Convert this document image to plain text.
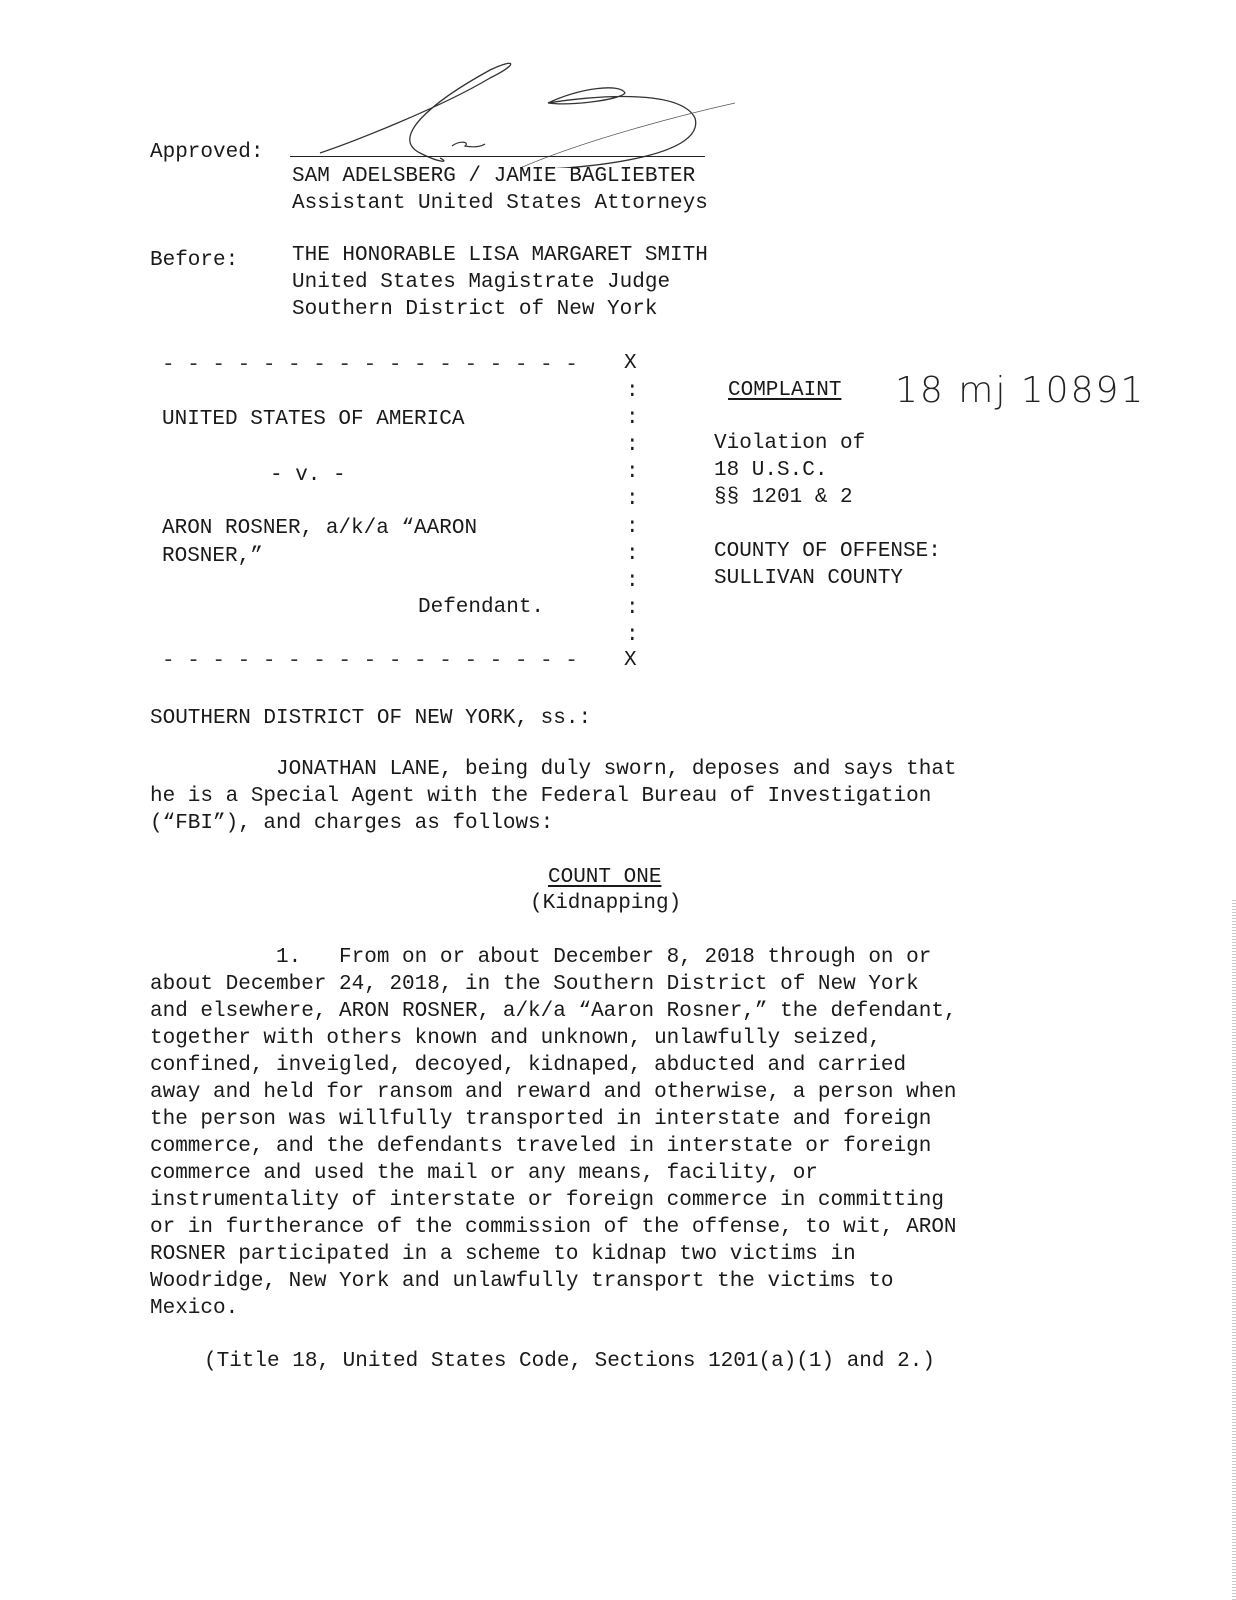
Approved:
SAM ADELSBERG / JAMIE BAGLIEBTER
Assistant United States Attorneys
Before:	THE HONORABLE LISA MARGARET SMITH
United States Magistrate Judge
Southern District of New York
- - - - - - - - - - - - - - - - - X
:
:
:
:
:
:
:
:
:
:
UNITED STATES OF AMERICA
- v. -
ARON ROSNER, a/k/a “AARON
ROSNER,”
Defendant.
- - - - - - - - - - - - - - - - - X
COMPLAINT 18 mj 10891
Violation of
18 U.S.C.
§§ 1201 & 2
COUNTY OF OFFENSE:
SULLIVAN COUNTY
SOUTHERN DISTRICT OF NEW YORK, ss.:
JONATHAN LANE, being duly sworn, deposes and says that
he is a Special Agent with the Federal Bureau of Investigation
(“FBI”), and charges as follows:
COUNT ONE
(Kidnapping)
1.   From on or about December 8, 2018 through on or
about December 24, 2018, in the Southern District of New York
and elsewhere, ARON ROSNER, a/k/a “Aaron Rosner,” the defendant,
together with others known and unknown, unlawfully seized,
confined, inveigled, decoyed, kidnaped, abducted and carried
away and held for ransom and reward and otherwise, a person when
the person was willfully transported in interstate and foreign
commerce, and the defendants traveled in interstate or foreign
commerce and used the mail or any means, facility, or
instrumentality of interstate or foreign commerce in committing
or in furtherance of the commission of the offense, to wit, ARON
ROSNER participated in a scheme to kidnap two victims in
Woodridge, New York and unlawfully transport the victims to
Mexico.
(Title 18, United States Code, Sections 1201(a)(1) and 2.)
